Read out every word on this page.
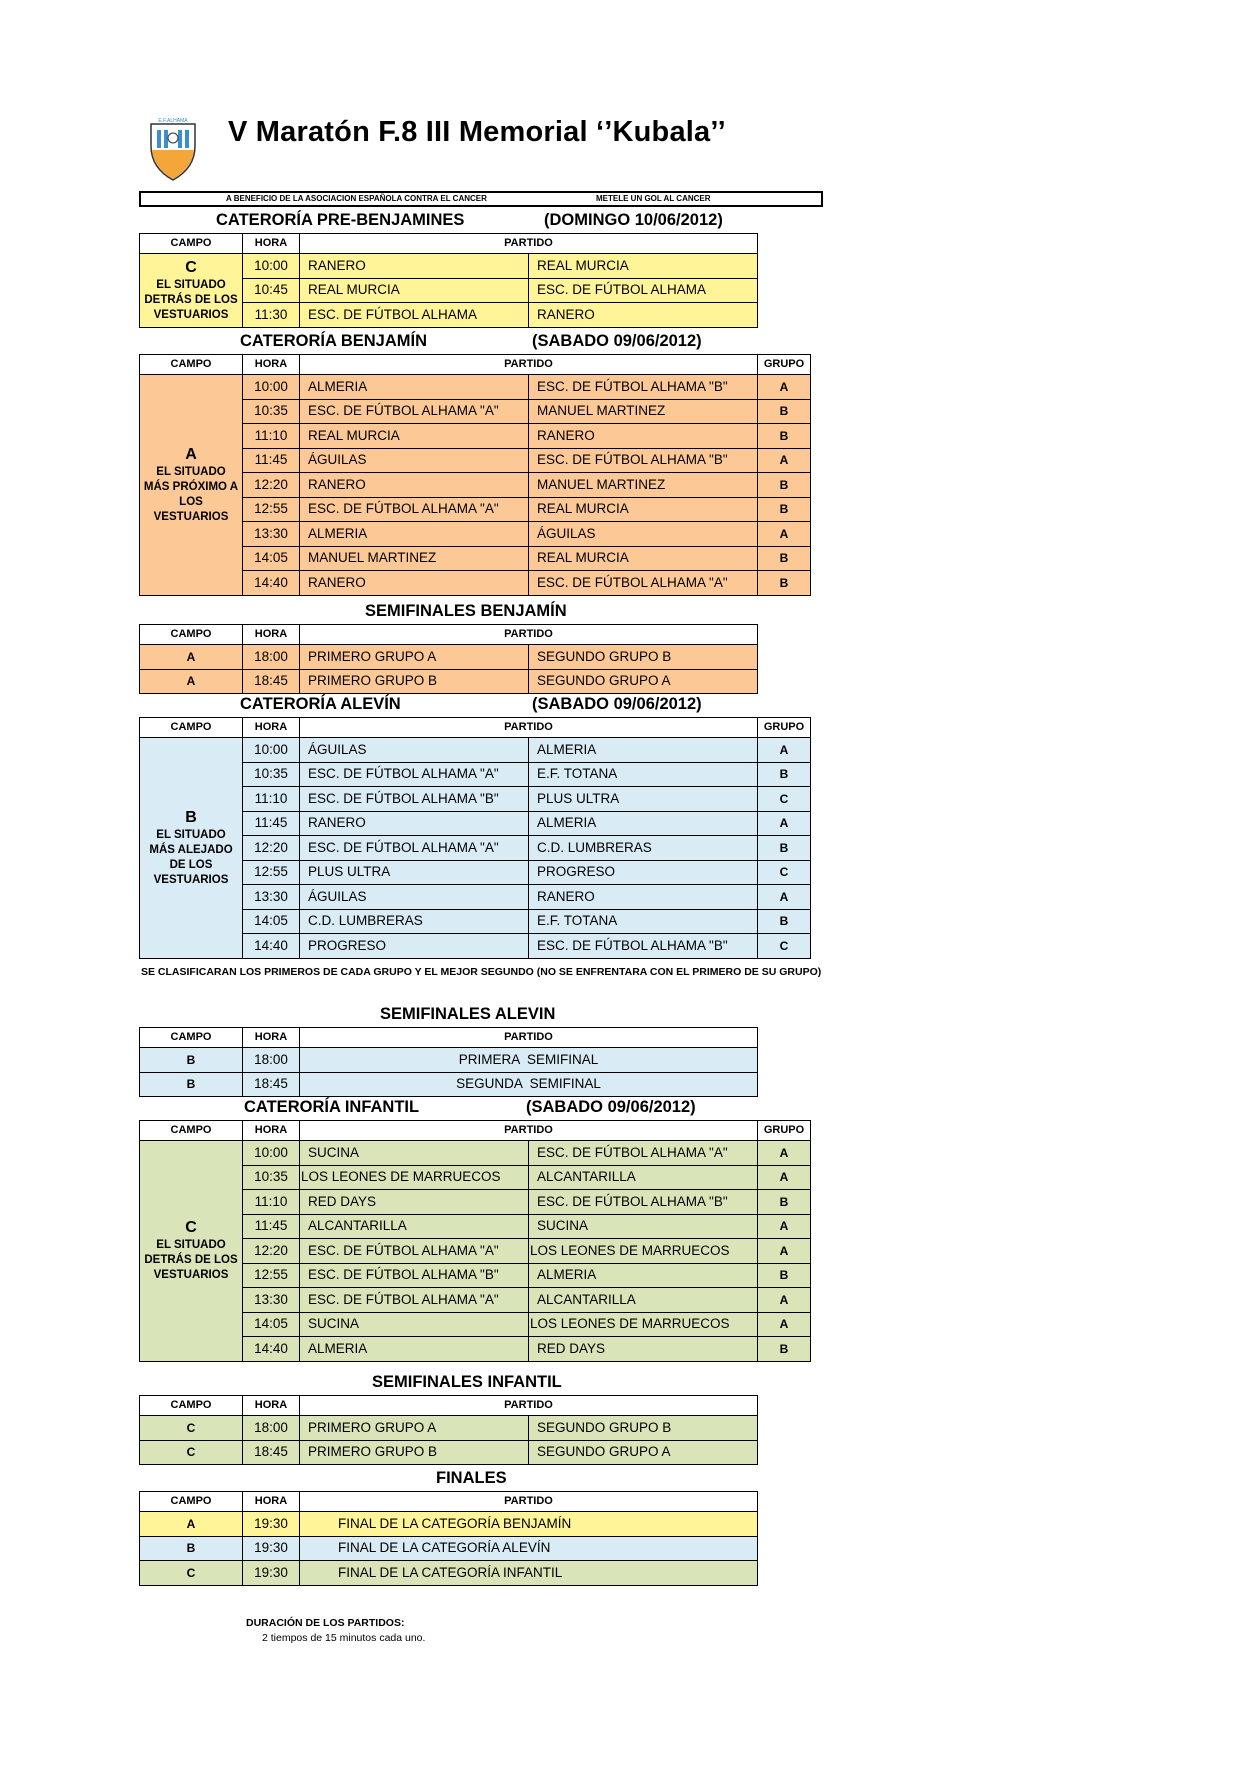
E.F.ALHAMA V Maratón F.8 III Memorial ‘’Kubala’’
A BENEFICIO DE LA ASOCIACION ESPAÑOLA CONTRA EL CANCER	METELE UN GOL AL CANCER
CATERORÍA PRE-BENJAMINES	(DOMINGO 10/06/2012)
CAMPO	HORA	PARTIDO	

C
EL SITUADO DETRÁS DE LOS VESTUARIOS	10:00	RANERO	REAL MURCIA
	10:45	REAL MURCIA	ESC. DE FÚTBOL ALHAMA
	11:30	ESC. DE FÚTBOL ALHAMA	RANERO
CATERORÍA BENJAMÍN	(SABADO 09/06/2012)
CAMPO	HORA	PARTIDO		GRUPO

A
EL SITUADO MÁS PRÓXIMO A LOS VESTUARIOS	10:00	ALMERIA	ESC. DE FÚTBOL ALHAMA "B"	A
	10:35	ESC. DE FÚTBOL ALHAMA "A"	MANUEL MARTINEZ	B
	11:10	REAL MURCIA	RANERO	B
	11:45	ÁGUILAS	ESC. DE FÚTBOL ALHAMA "B"	A
	12:20	RANERO	MANUEL MARTINEZ	B
	12:55	ESC. DE FÚTBOL ALHAMA "A"	REAL MURCIA	B
	13:30	ALMERIA	ÁGUILAS	A
	14:05	MANUEL MARTINEZ	REAL MURCIA	B
	14:40	RANERO	ESC. DE FÚTBOL ALHAMA "A"	B
SEMIFINALES BENJAMÍN
CAMPO	HORA	PARTIDO	
A	18:00	PRIMERO GRUPO A	SEGUNDO GRUPO B
A	18:45	PRIMERO GRUPO B	SEGUNDO GRUPO A
CATERORÍA ALEVÍN	(SABADO 09/06/2012)
CAMPO	HORA	PARTIDO		GRUPO

B
EL SITUADO MÁS ALEJADO DE LOS VESTUARIOS	10:00	ÁGUILAS	ALMERIA	A
	10:35	ESC. DE FÚTBOL ALHAMA "A"	E.F. TOTANA	B
	11:10	ESC. DE FÚTBOL ALHAMA "B"	PLUS ULTRA	C
	11:45	RANERO	ALMERIA	A
	12:20	ESC. DE FÚTBOL ALHAMA "A"	C.D. LUMBRERAS	B
	12:55	PLUS ULTRA	PROGRESO	C
	13:30	ÁGUILAS	RANERO	A
	14:05	C.D. LUMBRERAS	E.F. TOTANA	B
	14:40	PROGRESO	ESC. DE FÚTBOL ALHAMA "B"	C
SE CLASIFICARAN LOS PRIMEROS DE CADA GRUPO Y EL MEJOR SEGUNDO (NO SE ENFRENTARA CON EL PRIMERO DE SU GRUPO)
SEMIFINALES ALEVIN
CAMPO	HORA	PARTIDO
B	18:00	PRIMERA  SEMIFINAL
B	18:45	SEGUNDA  SEMIFINAL
CATERORÍA INFANTIL	(SABADO 09/06/2012)
CAMPO	HORA	PARTIDO		GRUPO

C
EL SITUADO DETRÁS DE LOS VESTUARIOS	10:00	SUCINA	ESC. DE FÚTBOL ALHAMA "A"	A
	10:35	LOS LEONES DE MARRUECOS	ALCANTARILLA	A
	11:10	RED DAYS	ESC. DE FÚTBOL ALHAMA "B"	B
	11:45	ALCANTARILLA	SUCINA	A
	12:20	ESC. DE FÚTBOL ALHAMA "A"	LOS LEONES DE MARRUECOS	A
	12:55	ESC. DE FÚTBOL ALHAMA "B"	ALMERIA	B
	13:30	ESC. DE FÚTBOL ALHAMA "A"	ALCANTARILLA	A
	14:05	SUCINA	LOS LEONES DE MARRUECOS	A
	14:40	ALMERIA	RED DAYS	B
SEMIFINALES INFANTIL
CAMPO	HORA	PARTIDO	
C	18:00	PRIMERO GRUPO A	SEGUNDO GRUPO B
C	18:45	PRIMERO GRUPO B	SEGUNDO GRUPO A
FINALES
CAMPO	HORA	PARTIDO
A	19:30	FINAL DE LA CATEGORÍA BENJAMÍN
B	19:30	FINAL DE LA CATEGORÍA ALEVÍN
C	19:30	FINAL DE LA CATEGORÍA INFANTIL
DURACIÓN DE LOS PARTIDOS:
2 tiempos de 15 minutos cada uno.
